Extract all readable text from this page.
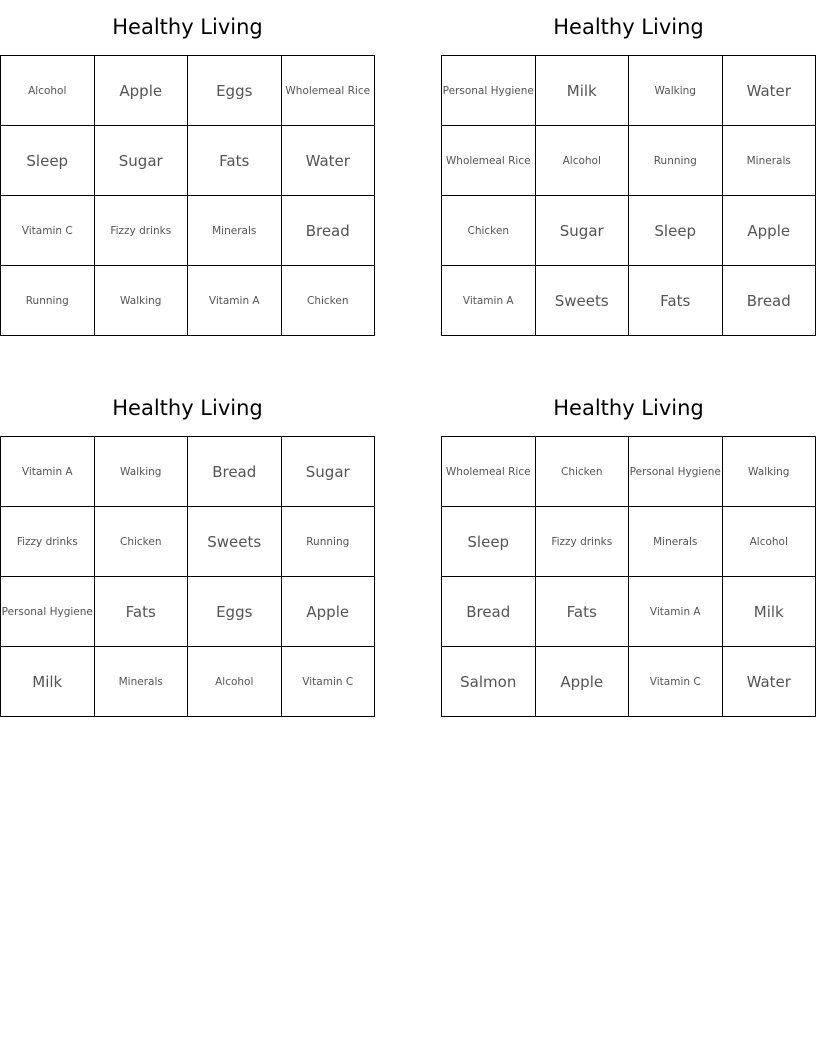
Healthy Living
Alcohol	Apple	Eggs	Wholemeal Rice
Sleep	Sugar	Fats	Water
Vitamin C	Fizzy drinks	Minerals	Bread
Running	Walking	Vitamin A	Chicken
Healthy Living
Personal Hygiene	Milk	Walking	Water
Wholemeal Rice	Alcohol	Running	Minerals
Chicken	Sugar	Sleep	Apple
Vitamin A	Sweets	Fats	Bread
Healthy Living
Vitamin A	Walking	Bread	Sugar
Fizzy drinks	Chicken	Sweets	Running
Personal Hygiene	Fats	Eggs	Apple
Milk	Minerals	Alcohol	Vitamin C
Healthy Living
Wholemeal Rice	Chicken	Personal Hygiene	Walking
Sleep	Fizzy drinks	Minerals	Alcohol
Bread	Fats	Vitamin A	Milk
Salmon	Apple	Vitamin C	Water
